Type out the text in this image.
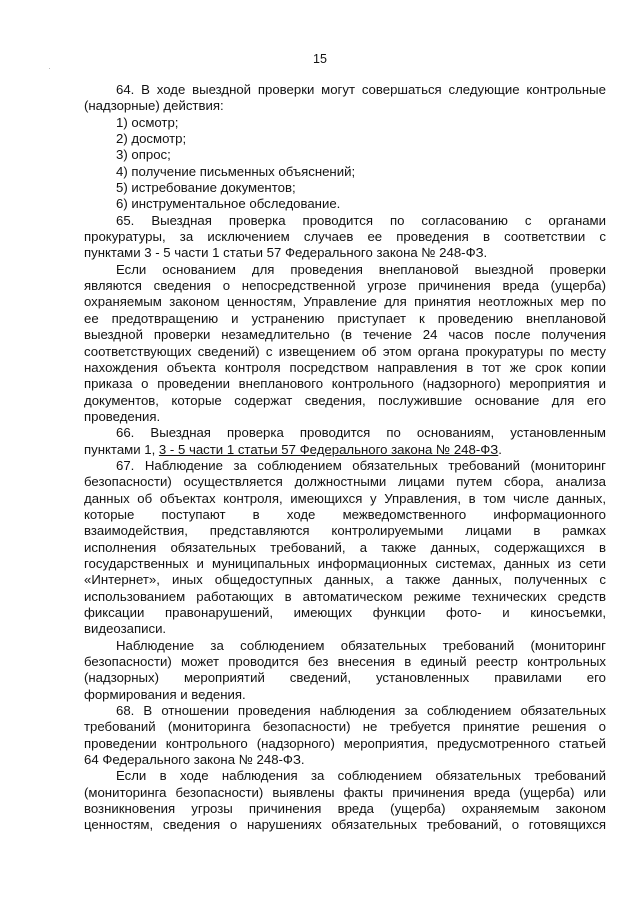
15
64. В ходе выездной проверки могут совершаться следующие контрольные
(надзорные) действия:
1) осмотр;
2) досмотр;
3) опрос;
4) получение письменных объяснений;
5) истребование документов;
6) инструментальное обследование.
65. Выездная проверка проводится по согласованию с органами
прокуратуры, за исключением случаев ее проведения в соответствии с
пунктами 3 - 5 части 1 статьи 57 Федерального закона № 248-ФЗ.
Если основанием для проведения внеплановой выездной проверки
являются сведения о непосредственной угрозе причинения вреда (ущерба)
охраняемым законом ценностям, Управление для принятия неотложных мер по
ее предотвращению и устранению приступает к проведению внеплановой
выездной проверки незамедлительно (в течение 24 часов после получения
соответствующих сведений) с извещением об этом органа прокуратуры по месту
нахождения объекта контроля посредством направления в тот же срок копии
приказа о проведении внепланового контрольного (надзорного) мероприятия и
документов, которые содержат сведения, послужившие основание для его
проведения.
66. Выездная проверка проводится по основаниям, установленным
пунктами 1, 3 - 5 части 1 статьи 57 Федерального закона № 248-ФЗ.
67. Наблюдение за соблюдением обязательных требований (мониторинг
безопасности) осуществляется должностными лицами путем сбора, анализа
данных об объектах контроля, имеющихся у Управления, в том числе данных,
которые поступают в ходе межведомственного информационного
взаимодействия, представляются контролируемыми лицами в рамках
исполнения обязательных требований, а также данных, содержащихся в
государственных и муниципальных информационных системах, данных из сети
«Интернет», иных общедоступных данных, а также данных, полученных с
использованием работающих в автоматическом режиме технических средств
фиксации правонарушений, имеющих функции фото- и киносъемки,
видеозаписи.
Наблюдение за соблюдением обязательных требований (мониторинг
безопасности) может проводится без внесения в единый реестр контрольных
(надзорных) мероприятий сведений, установленных правилами его
формирования и ведения.
68. В отношении проведения наблюдения за соблюдением обязательных
требований (мониторинга безопасности) не требуется принятие решения о
проведении контрольного (надзорного) мероприятия, предусмотренного статьей
64 Федерального закона № 248-ФЗ.
Если в ходе наблюдения за соблюдением обязательных требований
(мониторинга безопасности) выявлены факты причинения вреда (ущерба) или
возникновения угрозы причинения вреда (ущерба) охраняемым законом
ценностям, сведения о нарушениях обязательных требований, о готовящихся
